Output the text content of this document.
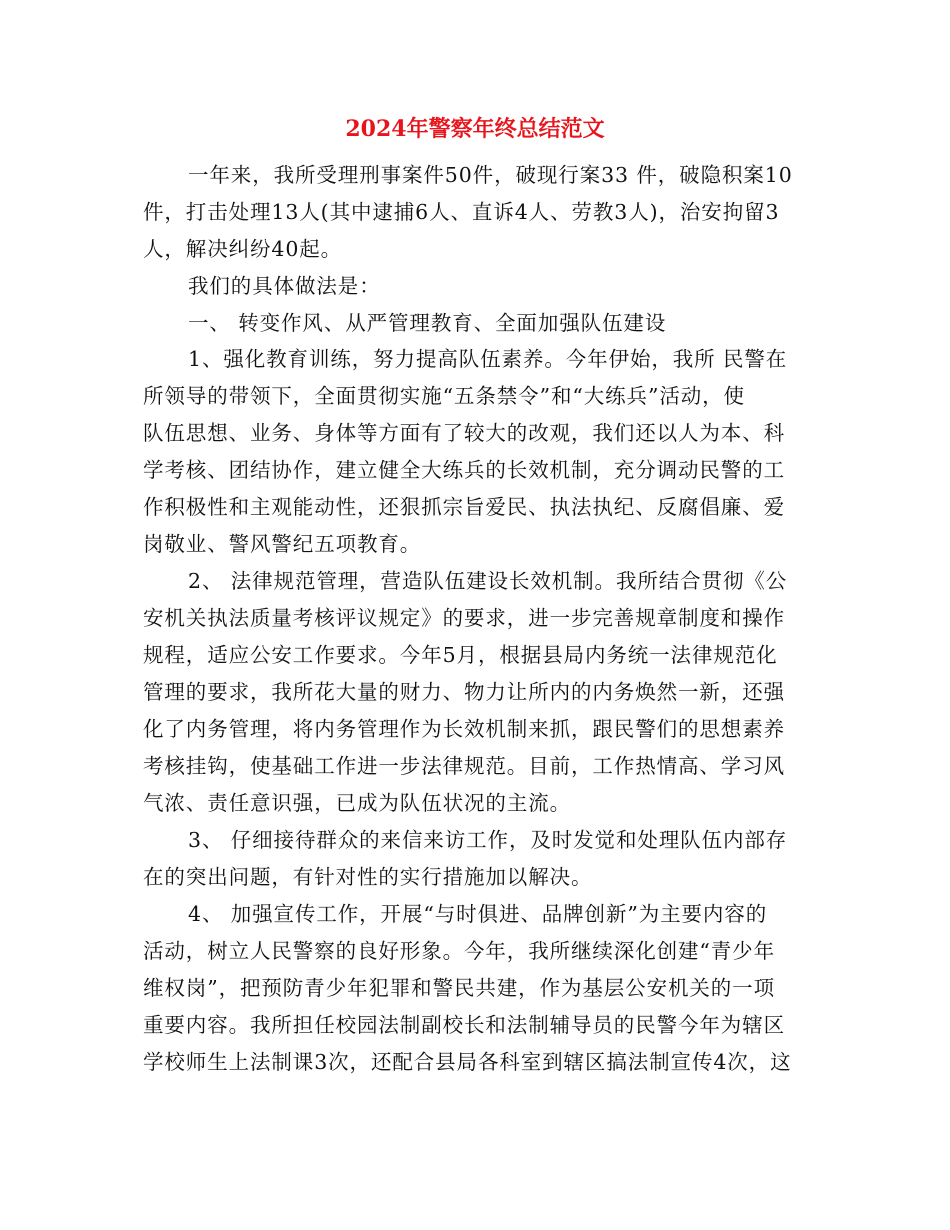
2024年警察年终总结范文

一年来，我所受理刑事案件50件，破现行案33 件，破隐积案10

件，打击处理13人(其中逮捕6人、直诉4人、劳教3人)，治安拘留3

人，解决纠纷40起。

我们的具体做法是：

一、 转变作风、从严管理教育、全面加强队伍建设

1、强化教育训练，努力提高队伍素养。今年伊始，我所 民警在

所领导的带领下，全面贯彻实施“五条禁令”和“大练兵”活动，使

队伍思想、业务、身体等方面有了较大的改观，我们还以人为本、科

学考核、团结协作，建立健全大练兵的长效机制，充分调动民警的工

作积极性和主观能动性，还狠抓宗旨爱民、执法执纪、反腐倡廉、爱

岗敬业、警风警纪五项教育。

2、 法律规范管理，营造队伍建设长效机制。我所结合贯彻《公

安机关执法质量考核评议规定》的要求，进一步完善规章制度和操作

规程，适应公安工作要求。今年5月，根据县局内务统一法律规范化

管理的要求，我所花大量的财力、物力让所内的内务焕然一新，还强

化了内务管理，将内务管理作为长效机制来抓，跟民警们的思想素养

考核挂钩，使基础工作进一步法律规范。目前，工作热情高、学习风

气浓、责任意识强，已成为队伍状况的主流。

3、 仔细接待群众的来信来访工作，及时发觉和处理队伍内部存

在的突出问题，有针对性的实行措施加以解决。

4、 加强宣传工作，开展“与时俱进、品牌创新”为主要内容的

活动，树立人民警察的良好形象。今年，我所继续深化创建“青少年

维权岗”，把预防青少年犯罪和警民共建，作为基层公安机关的一项

重要内容。我所担任校园法制副校长和法制辅导员的民警今年为辖区

学校师生上法制课3次，还配合县局各科室到辖区搞法制宣传4次，这
